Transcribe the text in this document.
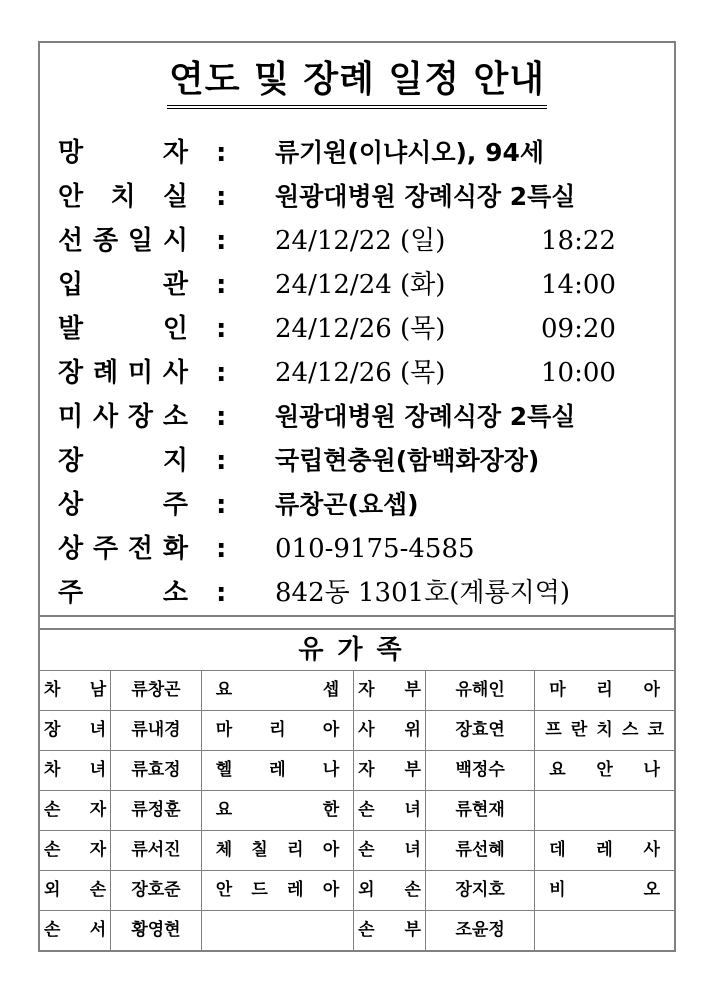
연도 및 장례 일정 안내
망	자 : 류기원(이냐시오), 94세
안 치 실 : 원광대병원 장례식장 2특실
선 종 일 시 : 24/12/22 (일)	18:22
입	관 : 24/12/24 (화)	14:00
발	인 : 24/12/26 (목)	09:20
장 례 미 사 : 24/12/26 (목)	10:00
미 사 장 소 : 원광대병원 장례식장 2특실
장	지 : 국립현충원(함백화장장)
상	주 : 류창곤(요셉)
상 주 전 화 : 010-9175-4585
주	소 : 842동 1301호(계룡지역)
유가족
차 남	류창곤	요 셉	자 부	유해인	마 리 아

장 녀	류내경	마 리 아	사 위	장효연	프 란 치 스 코

차 녀	류효정	헬 레 나	자 부	백정수	요 안 나

손 자	류정훈	요 한	손 녀	류현재	

손 자	류서진	체 칠 리 아	손 녀	류선혜	데 레 사

외 손	장호준	안 드 레 아	외 손	장지호	비 오

손 서	황영현		손 부	조윤정	
